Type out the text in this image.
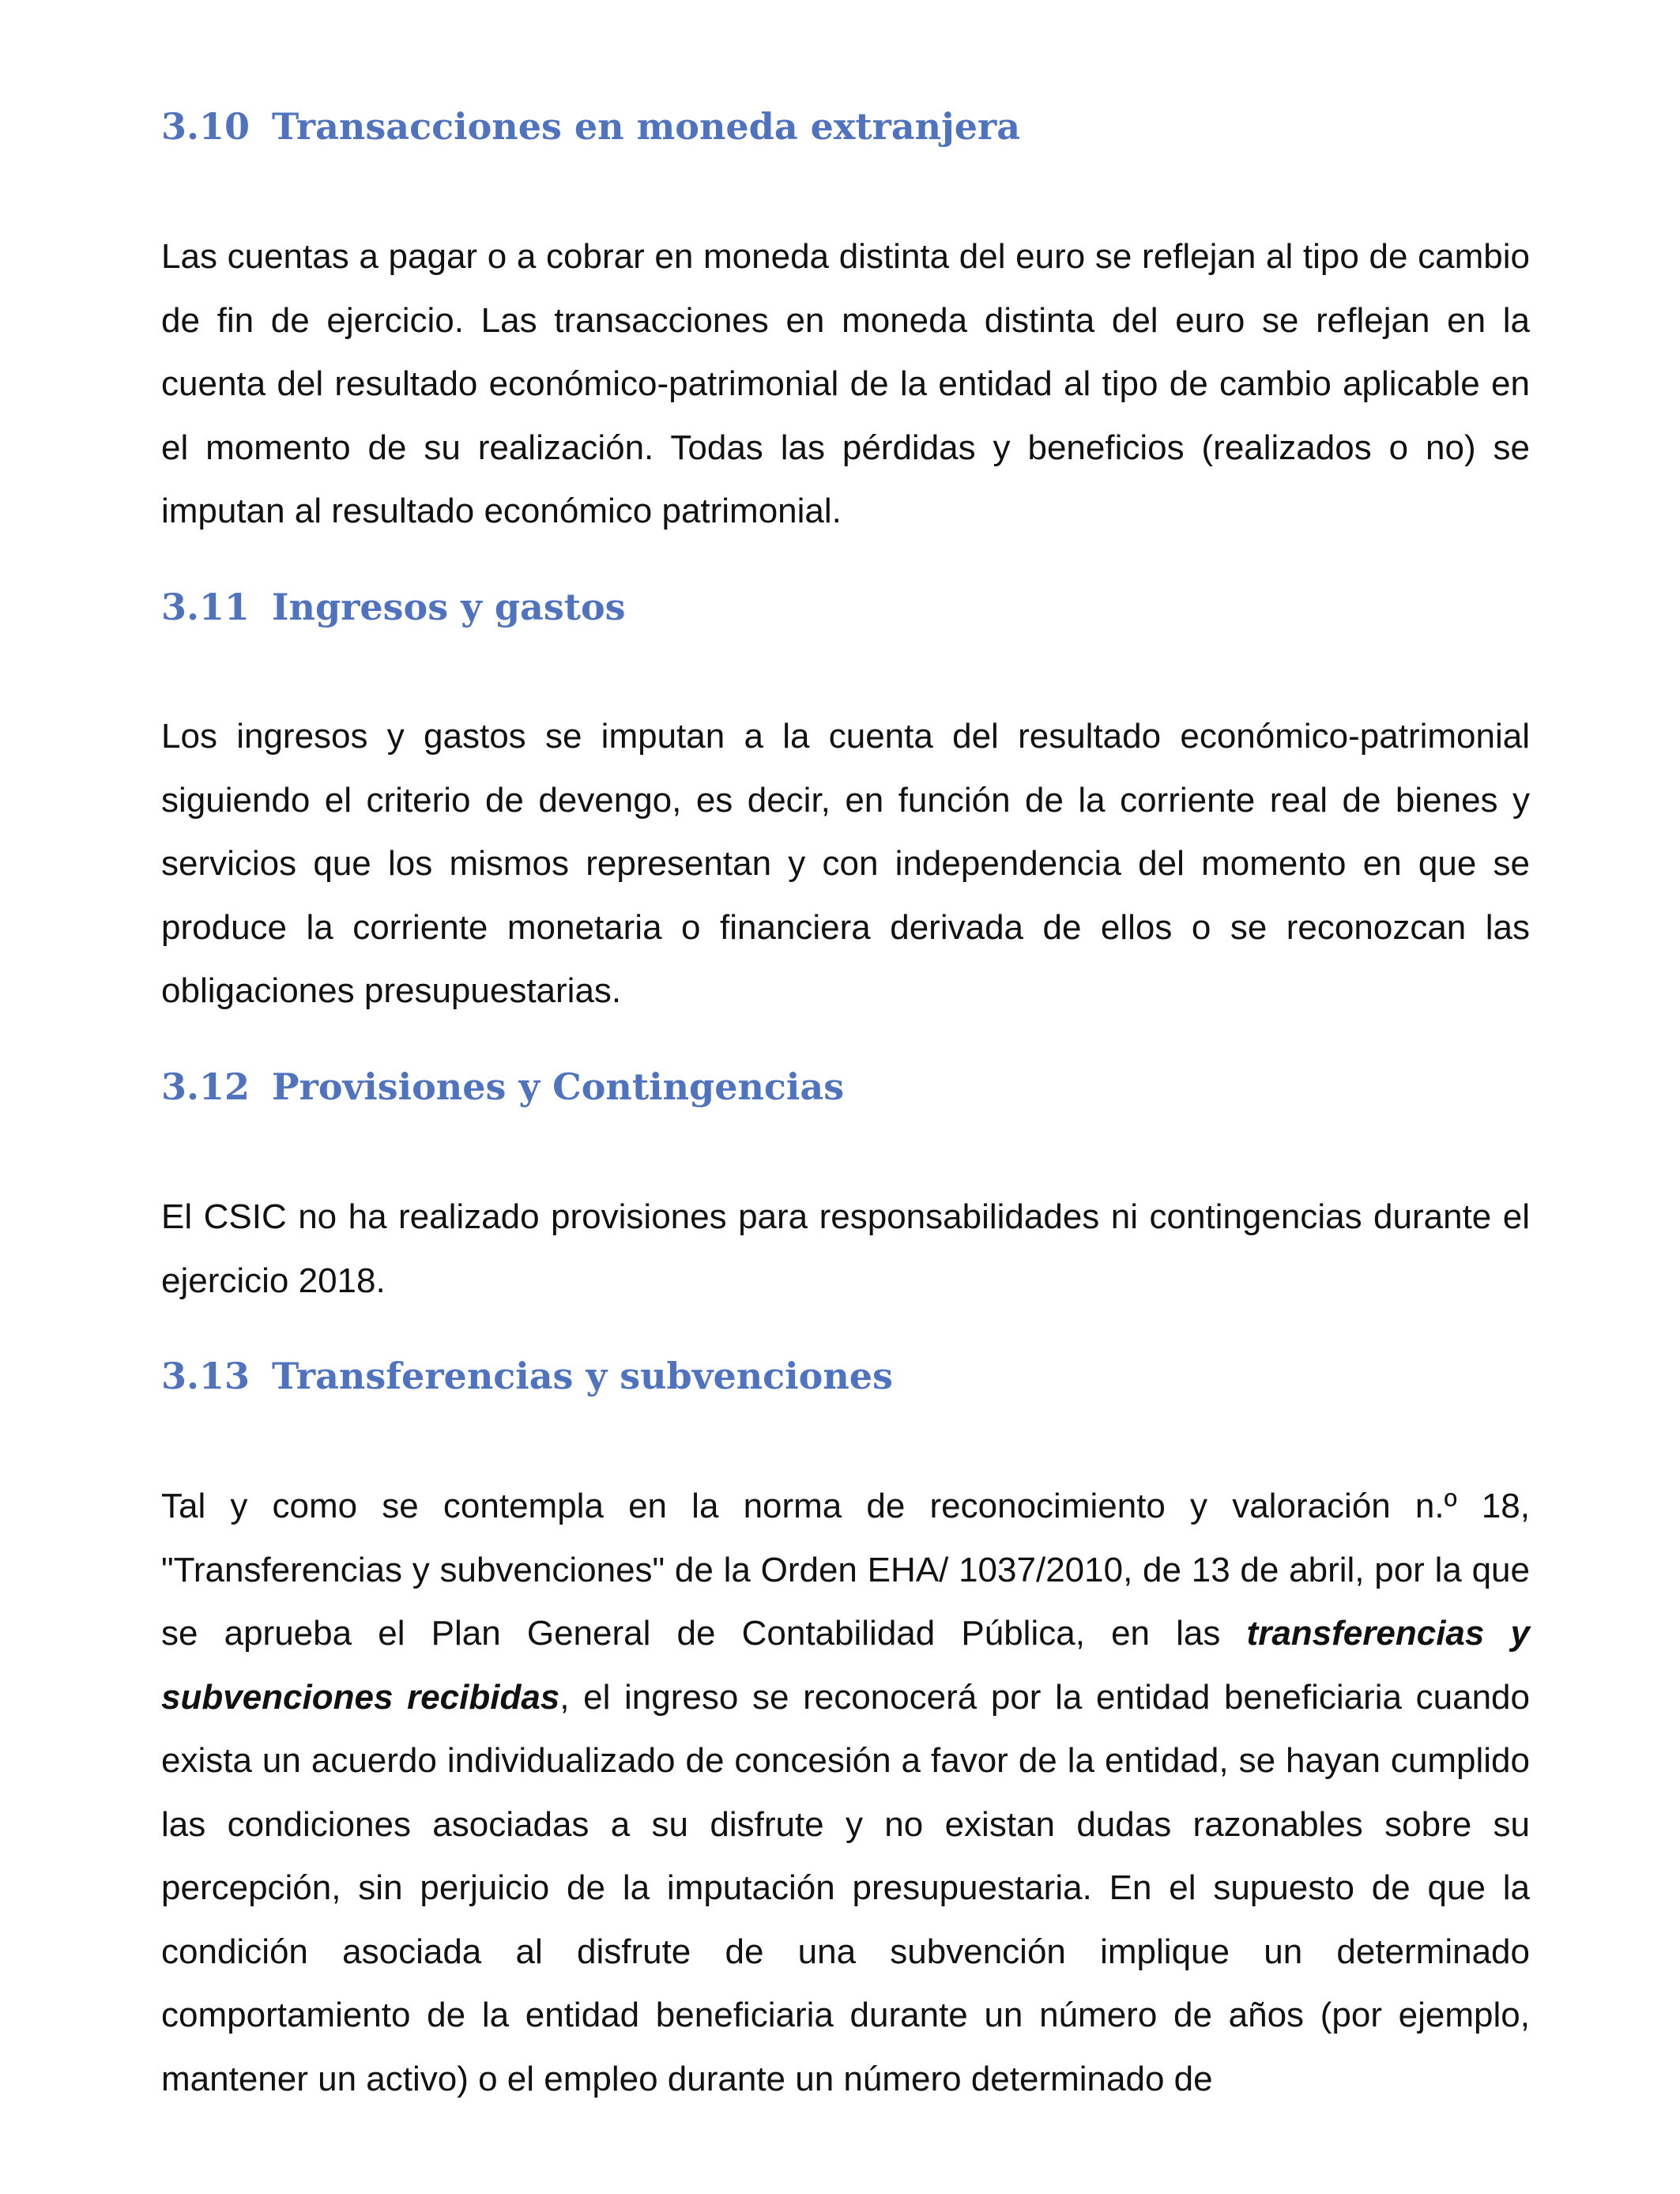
3.10 Transacciones en moneda extranjera

Las cuentas a pagar o a cobrar en moneda distinta del euro se reflejan al tipo de cambio de fin de ejercicio. Las transacciones en moneda distinta del euro se reflejan en la cuenta del resultado económico-patrimonial de la entidad al tipo de cambio aplicable en el momento de su realización. Todas las pérdidas y beneficios (realizados o no) se imputan al resultado económico patrimonial.

3.11 Ingresos y gastos

Los ingresos y gastos se imputan a la cuenta del resultado económico-patrimonial siguiendo el criterio de devengo, es decir, en función de la corriente real de bienes y servicios que los mismos representan y con independencia del momento en que se produce la corriente monetaria o financiera derivada de ellos o se reconozcan las obligaciones presupuestarias.

3.12 Provisiones y Contingencias

El CSIC no ha realizado provisiones para responsabilidades ni contingencias durante el ejercicio 2018.

3.13 Transferencias y subvenciones

Tal y como se contempla en la norma de reconocimiento y valoración n.º 18, "Transferencias y subvenciones" de la Orden EHA/ 1037/2010, de 13 de abril, por la que se aprueba el Plan General de Contabilidad Pública, en las transferencias y subvenciones recibidas, el ingreso se reconocerá por la entidad beneficiaria cuando exista un acuerdo individualizado de concesión a favor de la entidad, se hayan cumplido las condiciones asociadas a su disfrute y no existan dudas razonables sobre su percepción, sin perjuicio de la imputación presupuestaria. En el supuesto de que la condición asociada al disfrute de una subvención implique un determinado comportamiento de la entidad beneficiaria durante un número de años (por ejemplo, mantener un activo) o el empleo durante un número determinado de
